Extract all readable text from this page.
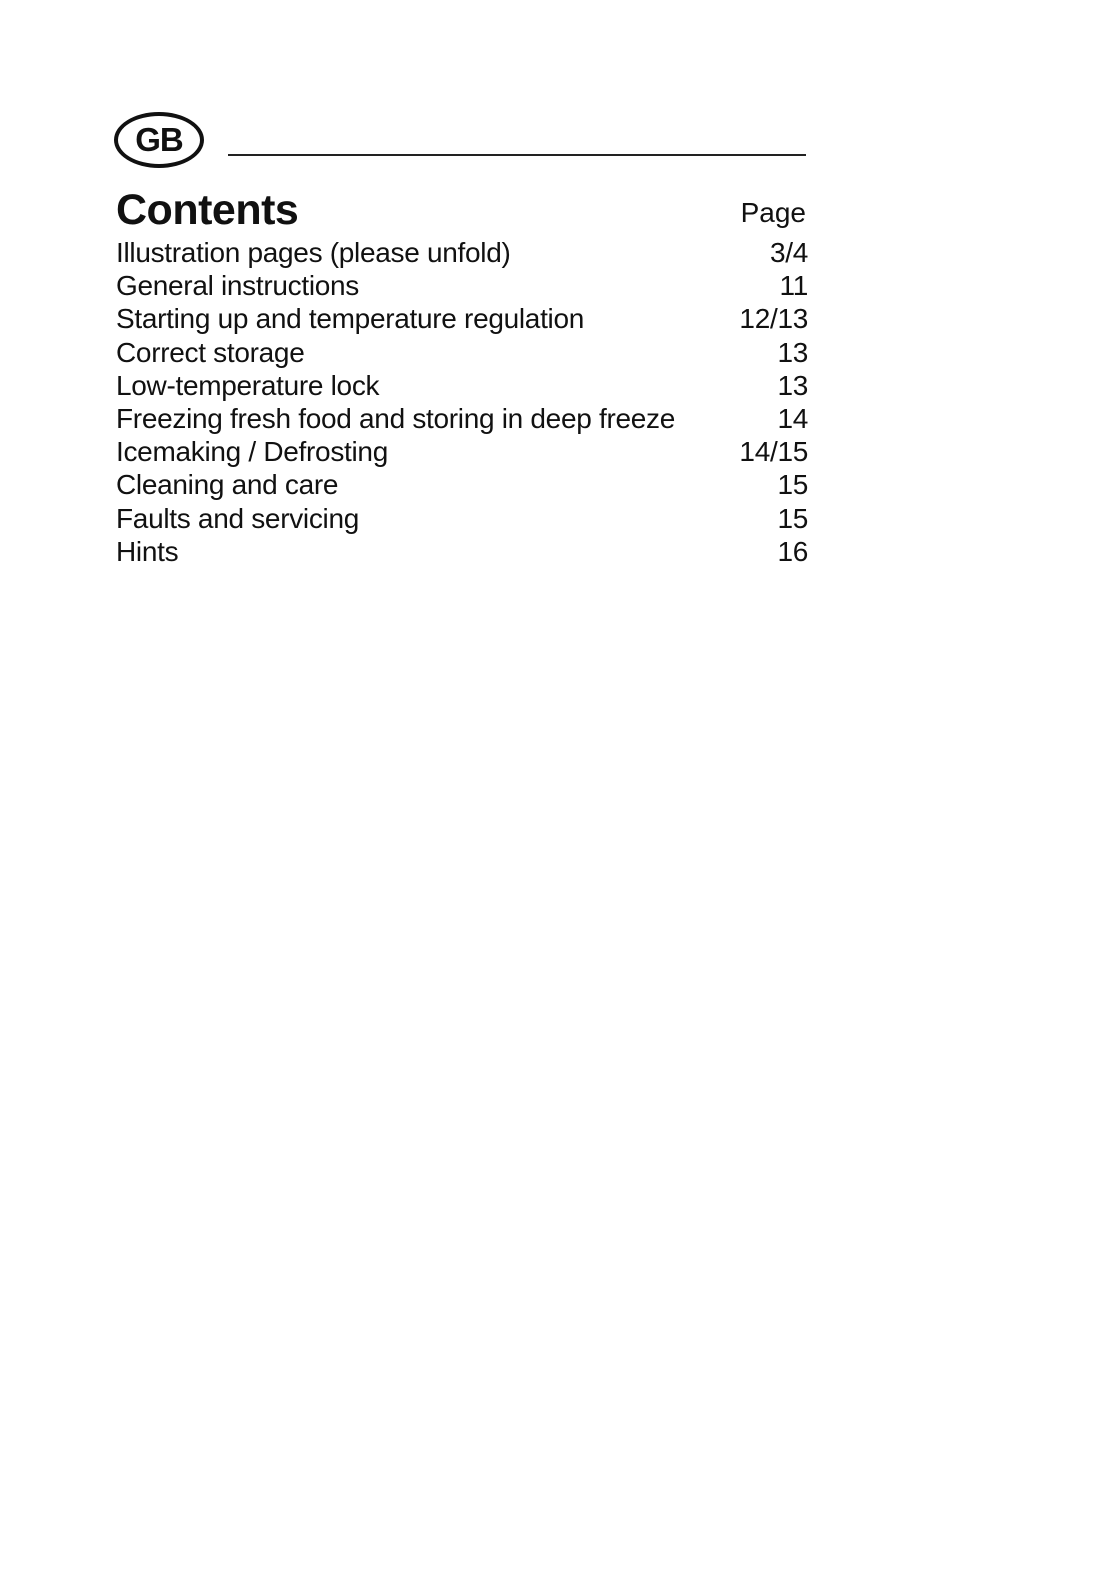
GB
Contents	Page
Illustration pages (please unfold)	3/4
General instructions	11
Starting up and temperature regulation	12/13
Correct storage	13
Low-temperature lock	13
Freezing fresh food and storing in deep freeze	14
Icemaking / Defrosting	14/15
Cleaning and care	15
Faults and servicing	15
Hints	16
